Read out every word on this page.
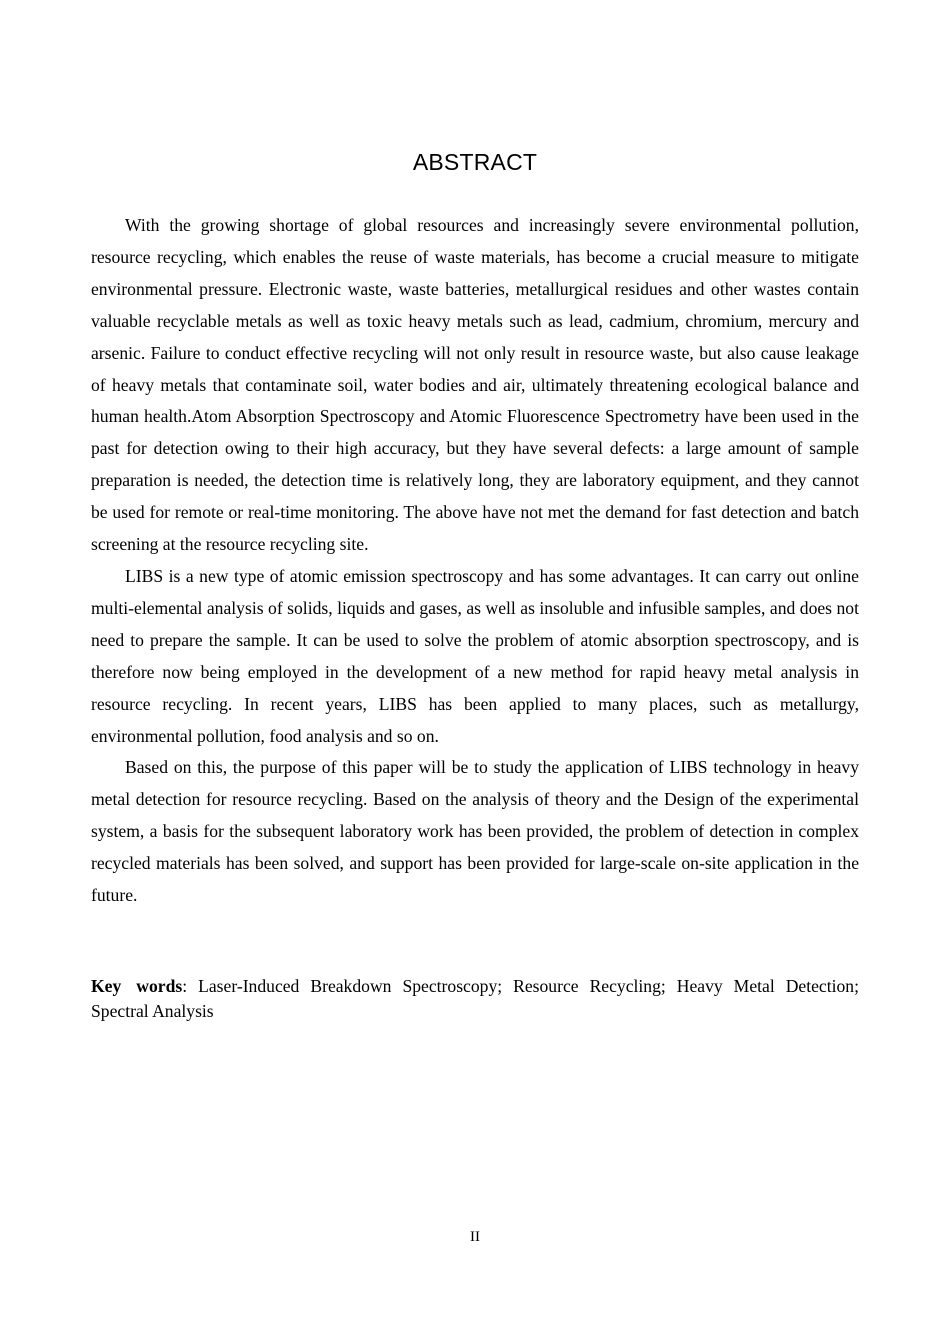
ABSTRACT

With the growing shortage of global resources and increasingly severe environmental pollution, resource recycling, which enables the reuse of waste materials, has become a crucial measure to mitigate environmental pressure. Electronic waste, waste batteries, metallurgical residues and other wastes contain valuable recyclable metals as well as toxic heavy metals such as lead, cadmium, chromium, mercury and arsenic. Failure to conduct effective recycling will not only result in resource waste, but also cause leakage of heavy metals that contaminate soil, water bodies and air, ultimately threatening ecological balance and human health.Atom Absorption Spectroscopy and Atomic Fluorescence Spectrometry have been used in the past for detection owing to their high accuracy, but they have several defects: a large amount of sample preparation is needed, the detection time is relatively long, they are laboratory equipment, and they cannot be used for remote or real-time monitoring. The above have not met the demand for fast detection and batch screening at the resource recycling site.

LIBS is a new type of atomic emission spectroscopy and has some advantages. It can carry out online multi-elemental analysis of solids, liquids and gases, as well as insoluble and infusible samples, and does not need to prepare the sample. It can be used to solve the problem of atomic absorption spectroscopy, and is therefore now being employed in the development of a new method for rapid heavy metal analysis in resource recycling. In recent years, LIBS has been applied to many places, such as metallurgy, environmental pollution, food analysis and so on.

Based on this, the purpose of this paper will be to study the application of LIBS technology in heavy metal detection for resource recycling. Based on the analysis of theory and the Design of the experimental system, a basis for the subsequent laboratory work has been provided, the problem of detection in complex recycled materials has been solved, and support has been provided for large-scale on-site application in the future.

Key words: Laser-Induced Breakdown Spectroscopy; Resource Recycling; Heavy Metal Detection; Spectral Analysis
II
